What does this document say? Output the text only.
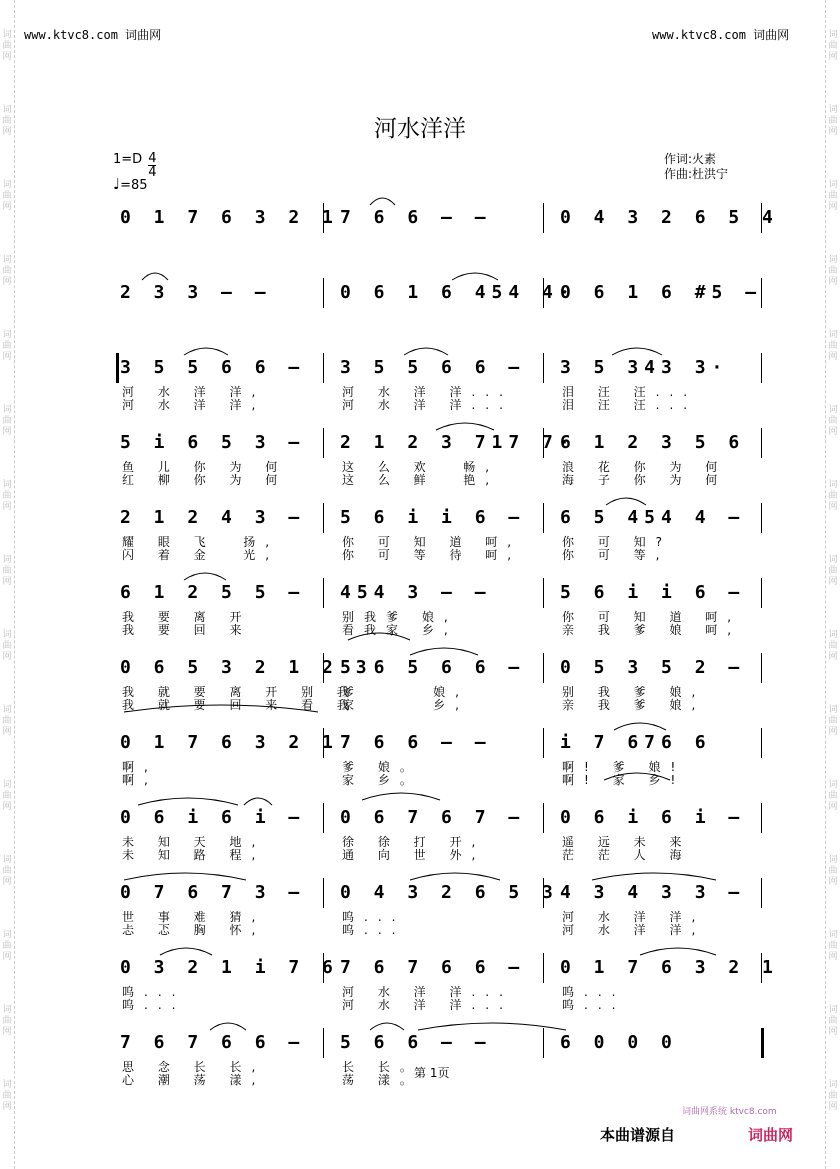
词
曲
网
词
曲
网
词
曲
网
词
曲
网
词
曲
网
词
曲
网
词
曲
网
词
曲
网
词
曲
网
词
曲
网
词
曲
网
词
曲
网
词
曲
网
词
曲
网
词
曲
网
词
曲
网
词
曲
网
词
曲
网
词
曲
网
词
曲
网
词
曲
网
词
曲
网
词
曲
网
词
曲
网
词
曲
网
词
曲
网
词
曲
网
词
曲
网
词
曲
网
词
曲
网
www.ktvc8.com 词曲网	www.ktvc8.com 词曲网
河水洋洋
1=D 4
4
♩=85
作词:火素
作曲:杜洪宁
0 1 7 6 3 2 1 7 6 6 – –	0 4 3 2 6 5 4
2 3 3 – –	0 6 1 6 454 4·
0 6 1 6 #5 –
3 5 5 6 6 –
河 水 洋 洋,
河 水 洋 洋,
3 5 5 6 6 –
河 水 洋 洋...
河 水 洋 洋...
3 5 343 3·
泪 汪 汪...
泪 汪 汪...
5 i 6 5 3 –
鱼 儿 你 为 何
红 柳 你 为 何
2 1 2 3 717 7·
这 么 欢  畅,
这 么 鲜  艳,
6 1 2 3 5 6
浪 花 你 为 何
海 子 你 为 何
2 1 2 4 3 –
耀 眼 飞  扬,
闪 着 金  光,
5 6 i i 6 –
你 可 知 道 呵,
你 可 等 待 呵,
6 5 454 4 –
你 可 知?
你 可 等,
6 1 2 5 5 –
我 要 离 开
我 要 回 来
454 3 – –
别我爹 娘,
看我家 乡,
5 6 i i 6 –
你 可 知 道 呵,
亲 我 爹 娘 呵,
0 6 5 3 2 1 2 3
我 就 要 离 开 别 我
我 就 要 回 来 看 我
5 6 5 6 6 –
爹     娘,
家     乡,
0 5 3 5 2 –
别 我 爹 娘,
亲 我 爹 娘,
0 1 7 6 3 2 1
啊,
啊,
7 6 6 – –
爹 娘。
家 乡。
i 7 676 6
啊! 爹 娘!
啊! 家 乡!
0 6 i 6 i –
未 知 天 地,
未 知 路 程,
0 6 7 6 7 –
徐 徐 打 开,
通 向 世 外,
0 6 i 6 i –
遥 远 未 来
茫 茫 人 海
0 7 6 7 3 –
世 事 难 猜,
忐 忑 胸 怀,
0 4 3 2 6 5 3
呜...
呜...
4 3 4 3 3 –
河 水 洋 洋,
河 水 洋 洋,
0 3 2 1 i 7 6
呜...
呜...
7 6 7 6 6 –
河 水 洋 洋...
河 水 洋 洋...
0 1 7 6 3 2 1
呜...
呜...
7 6 7 6 6 –
思 念 长 长,
心 潮 荡 漾,
5 6 6 – –
长 长。
荡 漾。
6 0 0 0
第 1页
词曲网系统 ktvc8.com
本曲谱源自	词曲网
